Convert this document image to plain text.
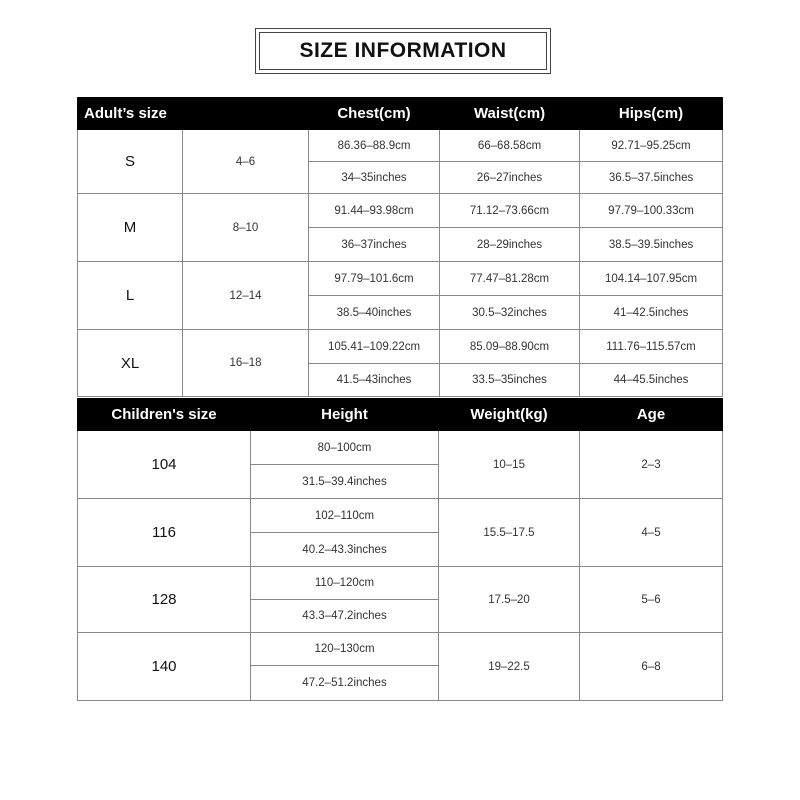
SIZE INFORMATION
Adult’s size		Chest(cm)	Waist(cm)	Hips(cm)
S	4–6	86.36–88.9cm	66–68.58cm	92.71–95.25cm
		34–35inches	26–27inches	36.5–37.5inches
M	8–10	91.44–93.98cm	71.12–73.66cm	97.79–100.33cm
		36–37inches	28–29inches	38.5–39.5inches
L	12–14	97.79–101.6cm	77.47–81.28cm	104.14–107.95cm
		38.5–40inches	30.5–32inches	41–42.5inches
XL	16–18	105.41–109.22cm	85.09–88.90cm	111.76–115.57cm
		41.5–43inches	33.5–35inches	44–45.5inches
Children's size	Height	Weight(kg)	Age
104	80–100cm	10–15	2–3
	31.5–39.4inches		
116	102–110cm	15.5–17.5	4–5
	40.2–43.3inches		
128	110–120cm	17.5–20	5–6
	43.3–47.2inches		
140	120–130cm	19–22.5	6–8
	47.2–51.2inches		
